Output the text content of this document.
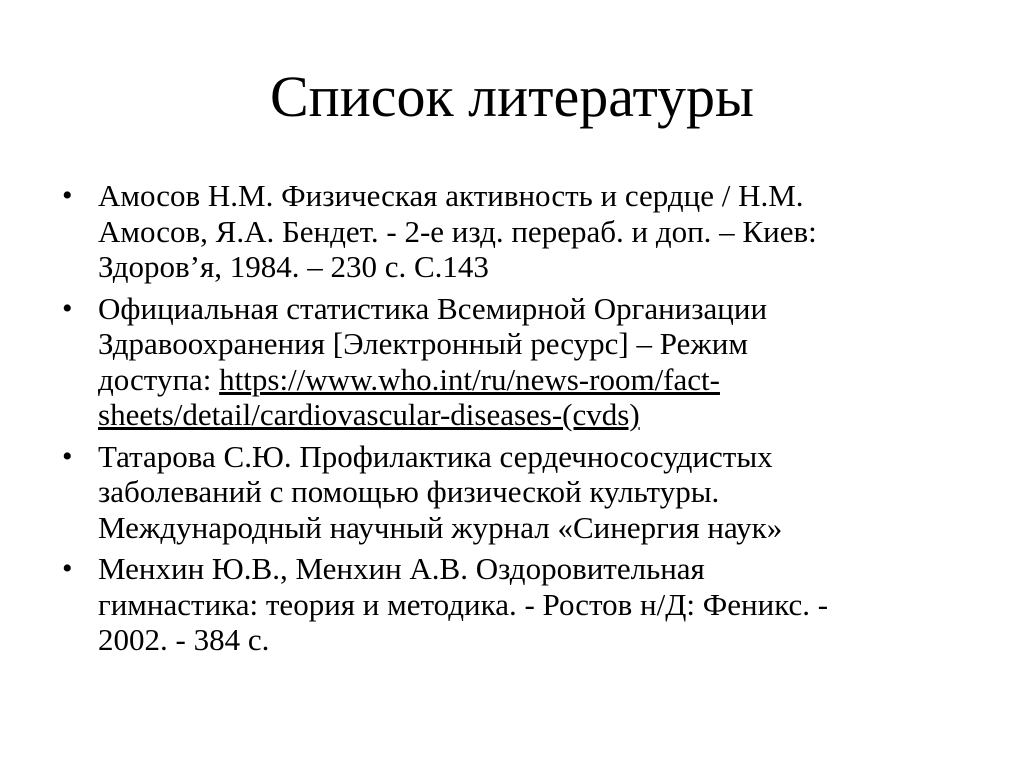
Список литературы
• Амосов Н.М. Физическая активность и сердце / Н.М.
Амосов, Я.А. Бендет. - 2-е изд. перераб. и доп. – Киев:
Здоров’я, 1984. – 230 с. С.143
• Официальная статистика Всемирной Организации
Здравоохранения [Электронный ресурс] – Режим
доступа: https://www.who.int/ru/news-room/fact-
sheets/detail/cardiovascular-diseases-(cvds)
• Татарова С.Ю. Профилактика сердечнососудистых
заболеваний с помощью физической культуры.
Международный научный журнал «Синергия наук»
• Менхин Ю.В., Менхин А.В. Оздоровительная
гимнастика: теория и методика. - Ростов н/Д: Феникс. -
2002. - 384 с.
